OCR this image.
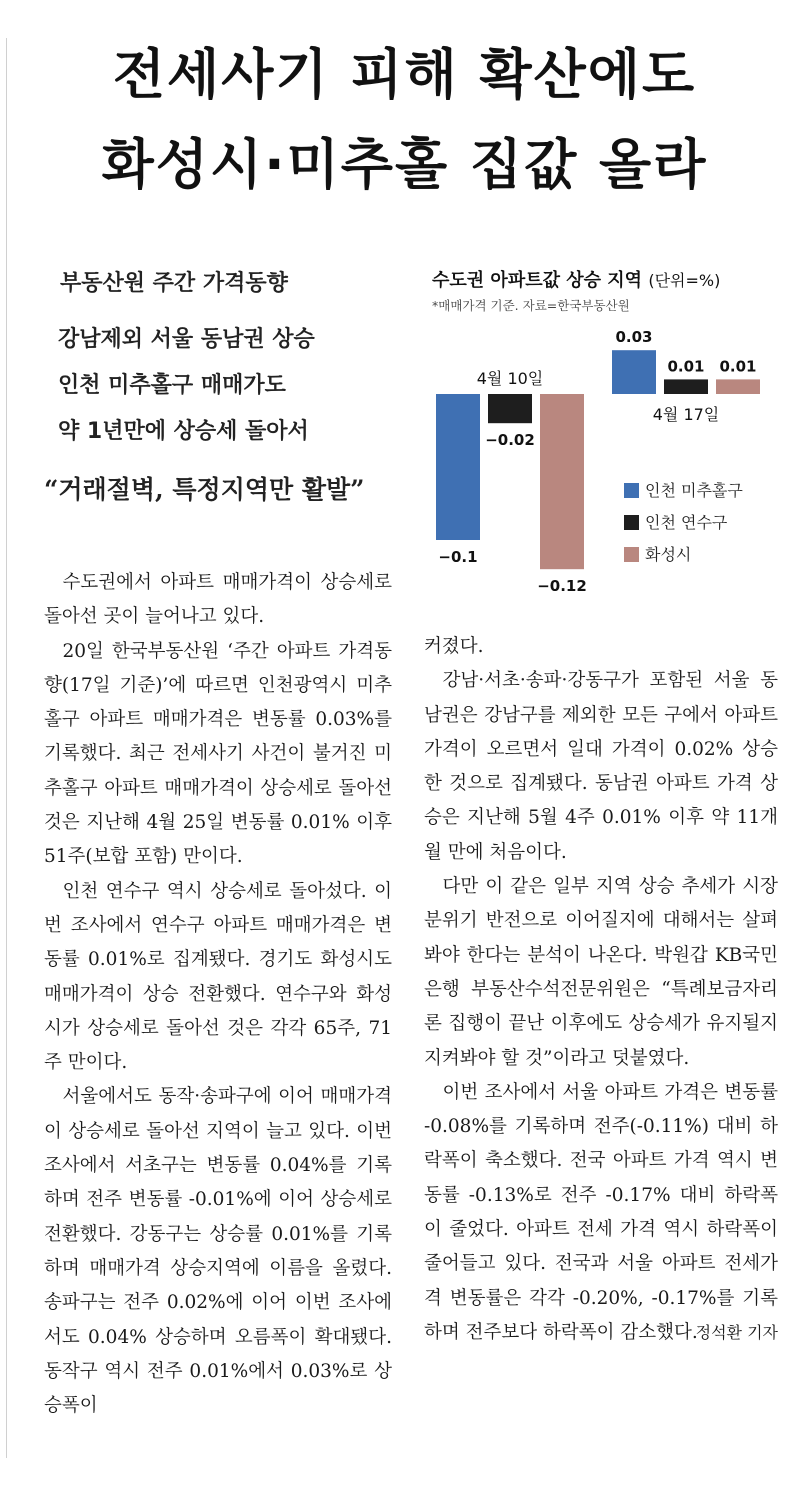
전세사기 피해 확산에도
화성시·미추홀 집값 올라
부동산원 주간 가격동향
강남제외 서울 동남권 상승
인천 미추홀구 매매가도
약 1년만에 상승세 돌아서
“거래절벽, 특정지역만 활발”
수도권 아파트값 상승 지역 (단위=%)
*매매가격 기준. 자료=한국부동산원
−0.1
−0.02
−0.12
4월 10일
0.03
0.01 0.01
4월 17일
인천 미추홀구
인천 연수구
화성시

수도권에서 아파트 매매가격이 상승세로 돌아선 곳이 늘어나고 있다.

20일 한국부동산원 ‘주간 아파트 가격동향(17일 기준)’에 따르면 인천광역시 미추홀구 아파트 매매가격은 변동률 0.03%를 기록했다. 최근 전세사기 사건이 불거진 미추홀구 아파트 매매가격이 상승세로 돌아선 것은 지난해 4월 25일 변동률 0.01% 이후 51주(보합 포함) 만이다.

인천 연수구 역시 상승세로 돌아섰다. 이번 조사에서 연수구 아파트 매매가격은 변동률 0.01%로 집계됐다. 경기도 화성시도 매매가격이 상승 전환했다. 연수구와 화성시가 상승세로 돌아선 것은 각각 65주, 71주 만이다.

서울에서도 동작·송파구에 이어 매매가격이 상승세로 돌아선 지역이 늘고 있다. 이번 조사에서 서초구는 변동률 0.04%를 기록하며 전주 변동률 -0.01%에 이어 상승세로 전환했다. 강동구는 상승률 0.01%를 기록하며 매매가격 상승지역에 이름을 올렸다. 송파구는 전주 0.02%에 이어 이번 조사에서도 0.04% 상승하며 오름폭이 확대됐다. 동작구 역시 전주 0.01%에서 0.03%로 상승폭이

커졌다.

강남·서초·송파·강동구가 포함된 서울 동남권은 강남구를 제외한 모든 구에서 아파트 가격이 오르면서 일대 가격이 0.02% 상승한 것으로 집계됐다. 동남권 아파트 가격 상승은 지난해 5월 4주 0.01% 이후 약 11개월 만에 처음이다.

다만 이 같은 일부 지역 상승 추세가 시장 분위기 반전으로 이어질지에 대해서는 살펴봐야 한다는 분석이 나온다. 박원갑 KB국민은행 부동산수석전문위원은 “특례보금자리론 집행이 끝난 이후에도 상승세가 유지될지 지켜봐야 할 것”이라고 덧붙였다.

이번 조사에서 서울 아파트 가격은 변동률 -0.08%를 기록하며 전주(-0.11%) 대비 하락폭이 축소했다. 전국 아파트 가격 역시 변동률 -0.13%로 전주 -0.17% 대비 하락폭이 줄었다. 아파트 전세 가격 역시 하락폭이 줄어들고 있다. 전국과 서울 아파트 전세가격 변동률은 각각 -0.20%, -0.17%를 기록하며 전주보다 하락폭이 감소했다.

정석환 기자
